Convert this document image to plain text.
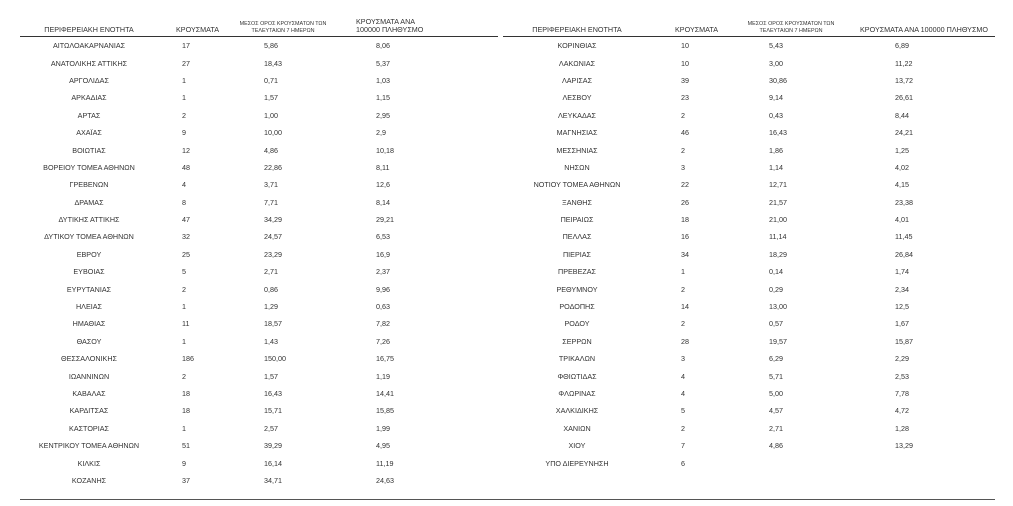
ΠΕΡΙΦΕΡΕΙΑΚΗ ΕΝΟΤΗΤΑ	ΚΡΟΥΣΜΑΤΑ	ΜΕΣΟΣ ΟΡΟΣ ΚΡΟΥΣΜΑΤΩΝ ΤΩΝ ΤΕΛΕΥΤΑΙΩΝ 7 ΗΜΕΡΩΝ	ΚΡΟΥΣΜΑΤΑ ΑΝΑ 100000 ΠΛΗΘΥΣΜΟ
ΑΙΤΩΛΟΑΚΑΡΝΑΝΙΑΣ	17	5,86	8,06
ΑΝΑΤΟΛΙΚΗΣ ΑΤΤΙΚΗΣ	27	18,43	5,37
ΑΡΓΟΛΙΔΑΣ	1	0,71	1,03
ΑΡΚΑΔΙΑΣ	1	1,57	1,15
ΑΡΤΑΣ	2	1,00	2,95
ΑΧΑΪΑΣ	9	10,00	2,9
ΒΟΙΩΤΙΑΣ	12	4,86	10,18
ΒΟΡΕΙΟΥ ΤΟΜΕΑ ΑΘΗΝΩΝ	48	22,86	8,11
ΓΡΕΒΕΝΩΝ	4	3,71	12,6
ΔΡΑΜΑΣ	8	7,71	8,14
ΔΥΤΙΚΗΣ ΑΤΤΙΚΗΣ	47	34,29	29,21
ΔΥΤΙΚΟΥ ΤΟΜΕΑ ΑΘΗΝΩΝ	32	24,57	6,53
ΕΒΡΟΥ	25	23,29	16,9
ΕΥΒΟΙΑΣ	5	2,71	2,37
ΕΥΡΥΤΑΝΙΑΣ	2	0,86	9,96
ΗΛΕΙΑΣ	1	1,29	0,63
ΗΜΑΘΙΑΣ	11	18,57	7,82
ΘΑΣΟΥ	1	1,43	7,26
ΘΕΣΣΑΛΟΝΙΚΗΣ	186	150,00	16,75
ΙΩΑΝΝΙΝΩΝ	2	1,57	1,19
ΚΑΒΑΛΑΣ	18	16,43	14,41
ΚΑΡΔΙΤΣΑΣ	18	15,71	15,85
ΚΑΣΤΟΡΙΑΣ	1	2,57	1,99
ΚΕΝΤΡΙΚΟΥ ΤΟΜΕΑ ΑΘΗΝΩΝ	51	39,29	4,95
ΚΙΛΚΙΣ	9	16,14	11,19
ΚΟΖΑΝΗΣ	37	34,71	24,63
ΠΕΡΙΦΕΡΕΙΑΚΗ ΕΝΟΤΗΤΑ	ΚΡΟΥΣΜΑΤΑ	ΜΕΣΟΣ ΟΡΟΣ ΚΡΟΥΣΜΑΤΩΝ ΤΩΝ ΤΕΛΕΥΤΑΙΩΝ 7 ΗΜΕΡΩΝ	ΚΡΟΥΣΜΑΤΑ ΑΝΑ 100000 ΠΛΗΘΥΣΜΟ
ΚΟΡΙΝΘΙΑΣ	10	5,43	6,89
ΛΑΚΩΝΙΑΣ	10	3,00	11,22
ΛΑΡΙΣΑΣ	39	30,86	13,72
ΛΕΣΒΟΥ	23	9,14	26,61
ΛΕΥΚΑΔΑΣ	2	0,43	8,44
ΜΑΓΝΗΣΙΑΣ	46	16,43	24,21
ΜΕΣΣΗΝΙΑΣ	2	1,86	1,25
ΝΗΣΩΝ	3	1,14	4,02
ΝΟΤΙΟΥ ΤΟΜΕΑ ΑΘΗΝΩΝ	22	12,71	4,15
ΞΑΝΘΗΣ	26	21,57	23,38
ΠΕΙΡΑΙΩΣ	18	21,00	4,01
ΠΕΛΛΑΣ	16	11,14	11,45
ΠΙΕΡΙΑΣ	34	18,29	26,84
ΠΡΕΒΕΖΑΣ	1	0,14	1,74
ΡΕΘΥΜΝΟΥ	2	0,29	2,34
ΡΟΔΟΠΗΣ	14	13,00	12,5
ΡΟΔΟΥ	2	0,57	1,67
ΣΕΡΡΩΝ	28	19,57	15,87
ΤΡΙΚΑΛΩΝ	3	6,29	2,29
ΦΘΙΩΤΙΔΑΣ	4	5,71	2,53
ΦΛΩΡΙΝΑΣ	4	5,00	7,78
ΧΑΛΚΙΔΙΚΗΣ	5	4,57	4,72
ΧΑΝΙΩΝ	2	2,71	1,28
ΧΙΟΥ	7	4,86	13,29
ΥΠΟ ΔΙΕΡΕΥΝΗΣΗ	6		
